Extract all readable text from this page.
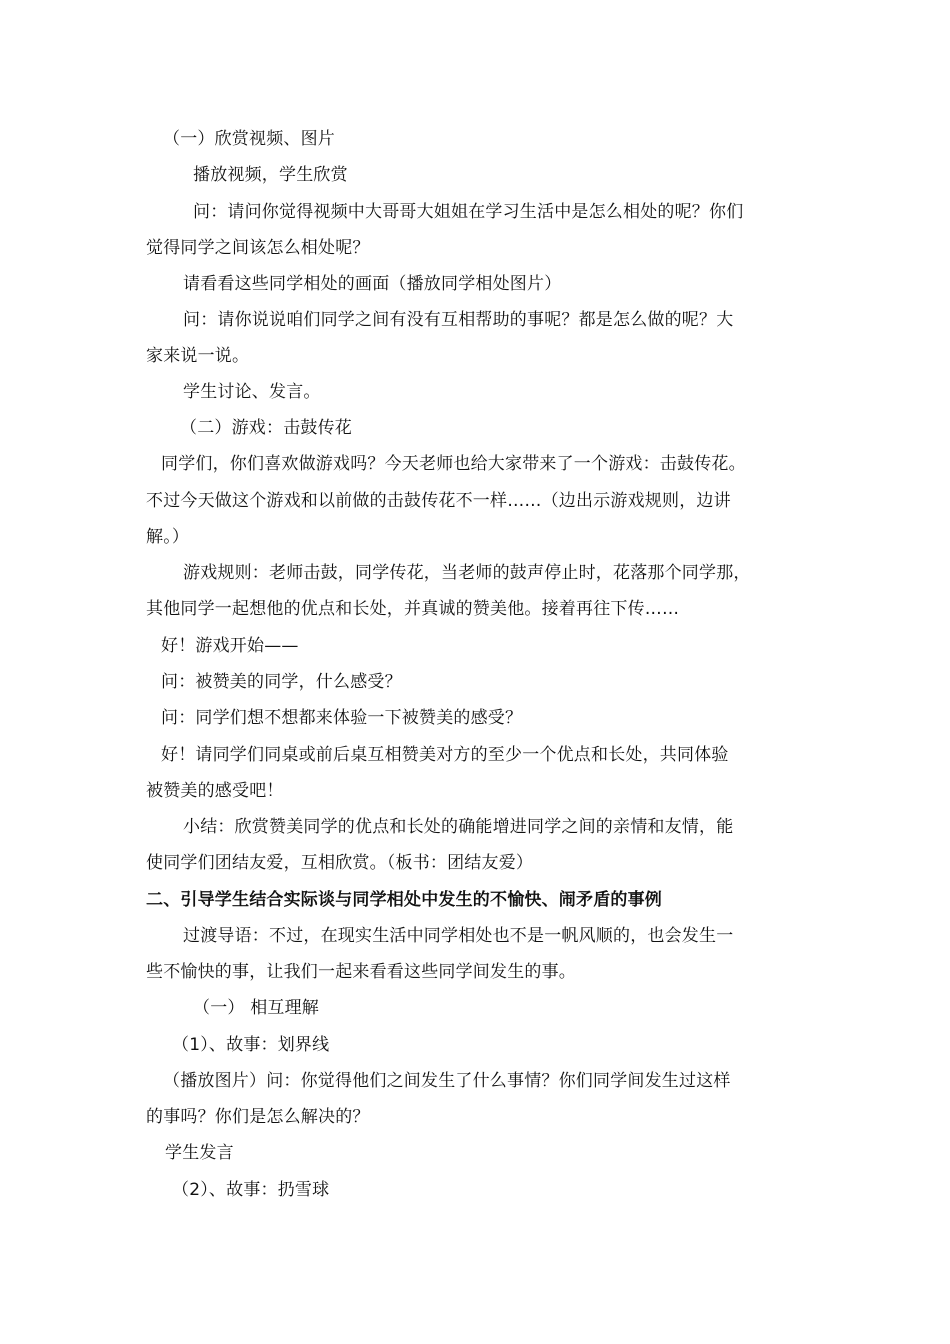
（一）欣赏视频、图片
播放视频，学生欣赏
问：请问你觉得视频中大哥哥大姐姐在学习生活中是怎么相处的呢？你们
觉得同学之间该怎么相处呢？
请看看这些同学相处的画面（播放同学相处图片）
问：请你说说咱们同学之间有没有互相帮助的事呢？都是怎么做的呢？大
家来说一说。
学生讨论、发言。
（二）游戏：击鼓传花
同学们，你们喜欢做游戏吗？今天老师也给大家带来了一个游戏：击鼓传花。
不过今天做这个游戏和以前做的击鼓传花不一样……（边出示游戏规则，边讲
解。）
游戏规则：老师击鼓，同学传花，当老师的鼓声停止时，花落那个同学那，
其他同学一起想他的优点和长处，并真诚的赞美他。接着再往下传……
好！游戏开始——
问：被赞美的同学，什么感受？
问：同学们想不想都来体验一下被赞美的感受？
好！请同学们同桌或前后桌互相赞美对方的至少一个优点和长处，共同体验
被赞美的感受吧！
小结：欣赏赞美同学的优点和长处的确能增进同学之间的亲情和友情，能
使同学们团结友爱，互相欣赏。（板书：团结友爱）
二、引导学生结合实际谈与同学相处中发生的不愉快、闹矛盾的事例
过渡导语：不过，在现实生活中同学相处也不是一帆风顺的，也会发生一
些不愉快的事，让我们一起来看看这些同学间发生的事。
（一） 相互理解
（1）、故事：划界线
（播放图片）问：你觉得他们之间发生了什么事情？你们同学间发生过这样
的事吗？你们是怎么解决的？
学生发言
（2）、故事：扔雪球
